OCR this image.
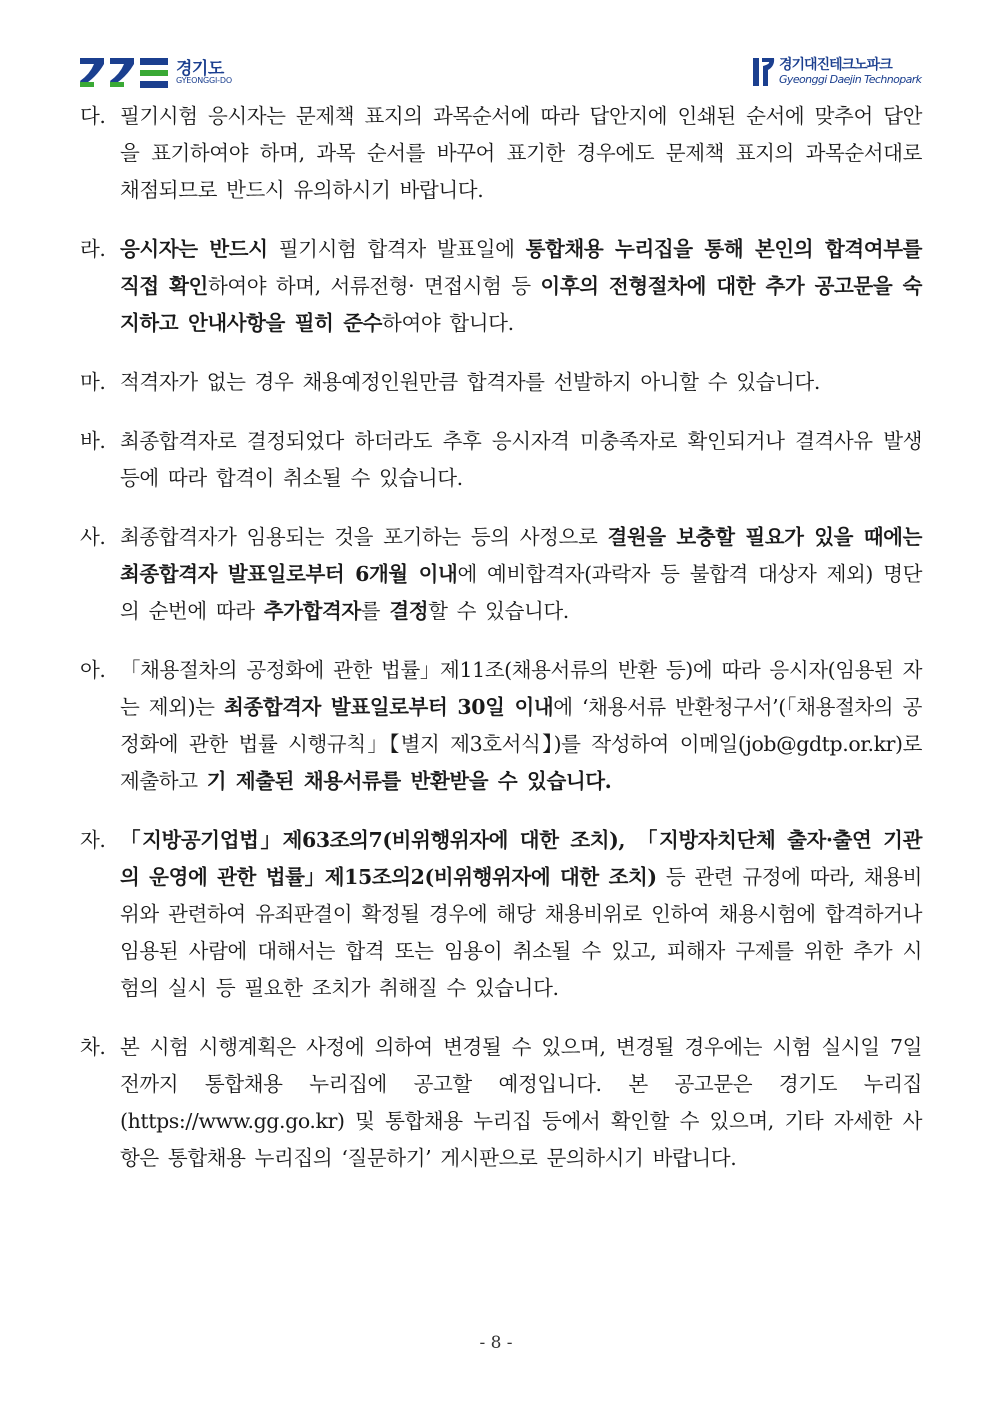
경기도
GYEONGGI-DO
경기대진테크노파크
Gyeonggi Daejin Technopark
다. 필기시험 응시자는 문제책 표지의 과목순서에 따라 답안지에 인쇄된 순서에 맞추어 답안을 표기하여야 하며, 과목 순서를 바꾸어 표기한 경우에도 문제책 표지의 과목순서대로 채점되므로 반드시 유의하시기 바랍니다.
라. 응시자는 반드시 필기시험 합격자 발표일에 통합채용 누리집을 통해 본인의 합격여부를 직접 확인하여야 하며, 서류전형· 면접시험 등 이후의 전형절차에 대한 추가 공고문을 숙지하고 안내사항을 필히 준수하여야 합니다.
마. 적격자가 없는 경우 채용예정인원만큼 합격자를 선발하지 아니할 수 있습니다.
바. 최종합격자로 결정되었다 하더라도 추후 응시자격 미충족자로 확인되거나 결격사유 발생 등에 따라 합격이 취소될 수 있습니다.
사. 최종합격자가 임용되는 것을 포기하는 등의 사정으로 결원을 보충할 필요가 있을 때에는 최종합격자 발표일로부터 6개월 이내에 예비합격자(과락자 등 불합격 대상자 제외) 명단의 순번에 따라 추가합격자를 결정할 수 있습니다.
아. 「채용절차의 공정화에 관한 법률」제11조(채용서류의 반환 등)에 따라 응시자(임용된 자는 제외)는 최종합격자 발표일로부터 30일 이내에 ‘채용서류 반환청구서’(「채용절차의 공정화에 관한 법률 시행규칙」【별지 제3호서식】)를 작성하여 이메일(job@gdtp.or.kr)로 제출하고 기 제출된 채용서류를 반환받을 수 있습니다.
자. 「지방공기업법」제63조의7(비위행위자에 대한 조치), 「지방자치단체 출자·출연 기관의 운영에 관한 법률」제15조의2(비위행위자에 대한 조치) 등 관련 규정에 따라, 채용비위와 관련하여 유죄판결이 확정될 경우에 해당 채용비위로 인하여 채용시험에 합격하거나 임용된 사람에 대해서는 합격 또는 임용이 취소될 수 있고, 피해자 구제를 위한 추가 시험의 실시 등 필요한 조치가 취해질 수 있습니다.
차. 본 시험 시행계획은 사정에 의하여 변경될 수 있으며, 변경될 경우에는 시험 실시일 7일 전까지 통합채용 누리집에 공고할 예정입니다. 본 공고문은 경기도 누리집(https://www.gg.go.kr) 및 통합채용 누리집 등에서 확인할 수 있으며, 기타 자세한 사항은 통합채용 누리집의 ‘질문하기’ 게시판으로 문의하시기 바랍니다.
- 8 -
